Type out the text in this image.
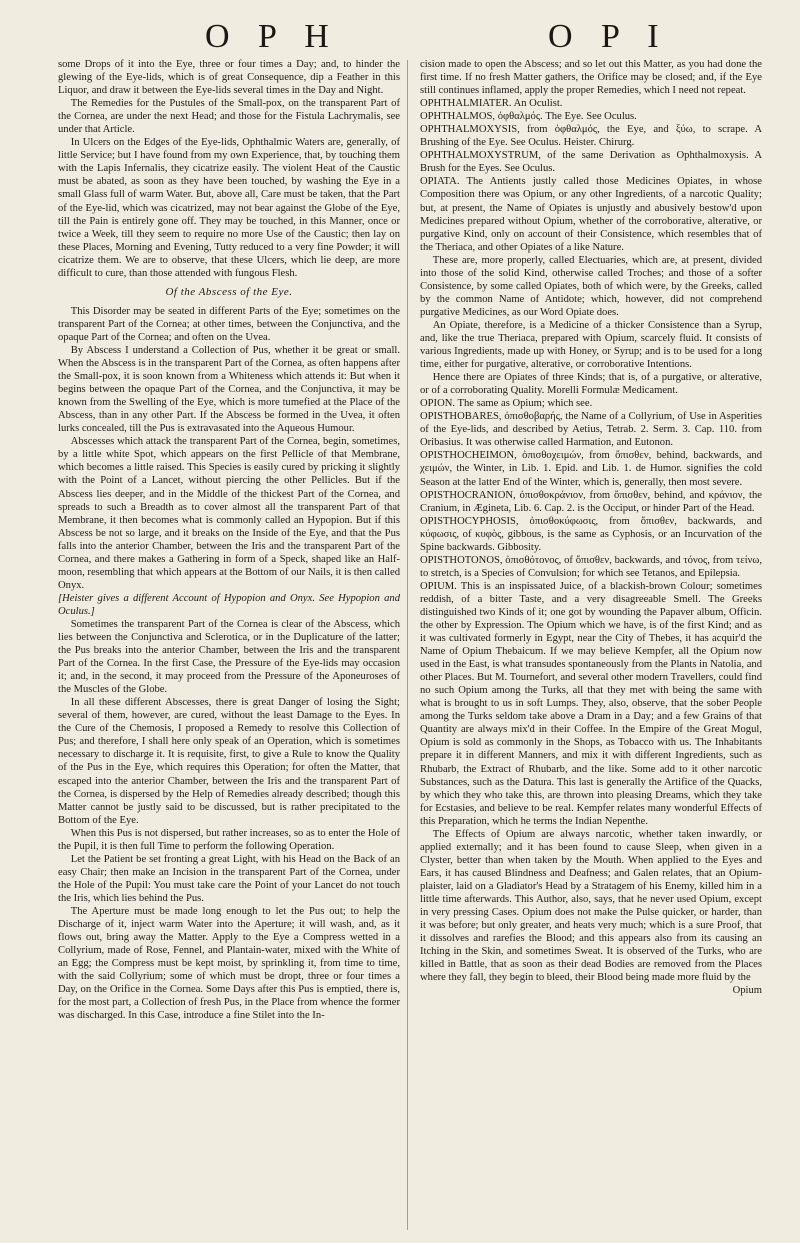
O P H	O P I

some Drops of it into the Eye, three or four times a Day; and, to hinder the glewing of the Eye-lids, which is of great Consequence, dip a Feather in this Liquor, and draw it between the Eye-lids several times in the Day and Night.

The Remedies for the Pustules of the Small-pox, on the transparent Part of the Cornea, are under the next Head; and those for the Fistula Lachrymalis, see under that Article.

In Ulcers on the Edges of the Eye-lids, Ophthalmic Waters are, generally, of little Service; but I have found from my own Experience, that, by touching them with the Lapis Infernalis, they cicatrize easily. The violent Heat of the Caustic must be abated, as soon as they have been touched, by washing the Eye in a small Glass full of warm Water. But, above all, Care must be taken, that the Part of the Eye-lid, which was cicatrized, may not bear against the Globe of the Eye, till the Pain is entirely gone off. They may be touched, in this Manner, once or twice a Week, till they seem to require no more Use of the Caustic; then lay on these Places, Morning and Evening, Tutty reduced to a very fine Powder; it will cicatrize them. We are to observe, that these Ulcers, which lie deep, are more difficult to cure, than those attended with fungous Flesh.

Of the Abscess of the Eye.

This Disorder may be seated in different Parts of the Eye; sometimes on the transparent Part of the Cornea; at other times, between the Conjunctiva, and the opaque Part of the Cornea; and often on the Uvea.

By Abscess I understand a Collection of Pus, whether it be great or small. When the Abscess is in the transparent Part of the Cornea, as often happens after the Small-pox, it is soon known from a Whiteness which attends it: But when it begins between the opaque Part of the Cornea, and the Conjunctiva, it may be known from the Swelling of the Eye, which is more tumefied at the Place of the Abscess, than in any other Part. If the Abscess be formed in the Uvea, it often lurks concealed, till the Pus is extravasated into the Aqueous Humour.

Abscesses which attack the transparent Part of the Cornea, begin, sometimes, by a little white Spot, which appears on the first Pellicle of that Membrane, which becomes a little raised. This Species is easily cured by pricking it slightly with the Point of a Lancet, without piercing the other Pellicles. But if the Abscess lies deeper, and in the Middle of the thickest Part of the Cornea, and spreads to such a Breadth as to cover almost all the transparent Part of that Membrane, it then becomes what is commonly called an Hypopion. But if this Abscess be not so large, and it breaks on the Inside of the Eye, and that the Pus falls into the anterior Chamber, between the Iris and the transparent Part of the Cornea, and there makes a Gathering in form of a Speck, shaped like an Half-moon, resembling that which appears at the Bottom of our Nails, it is then called Onyx.

[Heister gives a different Account of Hypopion and Onyx. See Hypopion and Oculus.]

Sometimes the transparent Part of the Cornea is clear of the Abscess, which lies between the Conjunctiva and Sclerotica, or in the Duplicature of the latter; the Pus breaks into the anterior Chamber, between the Iris and the transparent Part of the Cornea. In the first Case, the Pressure of the Eye-lids may occasion it; and, in the second, it may proceed from the Pressure of the Aponeuroses of the Muscles of the Globe.

In all these different Abscesses, there is great Danger of losing the Sight; several of them, however, are cured, without the least Damage to the Eyes. In the Cure of the Chemosis, I proposed a Remedy to resolve this Collection of Pus; and therefore, I shall here only speak of an Operation, which is sometimes necessary to discharge it. It is requisite, first, to give a Rule to know the Quality of the Pus in the Eye, which requires this Operation; for often the Matter, that escaped into the anterior Chamber, between the Iris and the transparent Part of the Cornea, is dispersed by the Help of Remedies already described; though this Matter cannot be justly said to be discussed, but is rather precipitated to the Bottom of the Eye.

When this Pus is not dispersed, but rather increases, so as to enter the Hole of the Pupil, it is then full Time to perform the following Operation.

Let the Patient be set fronting a great Light, with his Head on the Back of an easy Chair; then make an Incision in the transparent Part of the Cornea, under the Hole of the Pupil: You must take care the Point of your Lancet do not touch the Iris, which lies behind the Pus.

The Aperture must be made long enough to let the Pus out; to help the Discharge of it, inject warm Water into the Aperture; it will wash, and, as it flows out, bring away the Matter. Apply to the Eye a Compress wetted in a Collyrium, made of Rose, Fennel, and Plantain-water, mixed with the White of an Egg; the Compress must be kept moist, by sprinkling it, from time to time, with the said Collyrium; some of which must be dropt, three or four times a Day, on the Orifice in the Cornea. Some Days after this Pus is emptied, there is, for the most part, a Collection of fresh Pus, in the Place from whence the former was discharged. In this Case, introduce a fine Stilet into the In-

cision made to open the Abscess; and so let out this Matter, as you had done the first time. If no fresh Matter gathers, the Orifice may be closed; and, if the Eye still continues inflamed, apply the proper Remedies, which I need not repeat.

OPHTHALMIATER. An Oculist.

OPHTHALMOS, ὀφθαλμός. The Eye. See Oculus.

OPHTHALMOXYSIS, from ὀφθαλμός, the Eye, and ξύω, to scrape. A Brushing of the Eye. See Oculus. Heister. Chirurg.

OPHTHALMOXYSTRUM, of the same Derivation as Ophthalmoxysis. A Brush for the Eyes. See Oculus.

OPIATA. The Antients justly called those Medicines Opiates, in whose Composition there was Opium, or any other Ingredients, of a narcotic Quality; but, at present, the Name of Opiates is unjustly and abusively bestow'd upon Medicines prepared without Opium, whether of the corroborative, alterative, or purgative Kind, only on account of their Consistence, which resembles that of the Theriaca, and other Opiates of a like Nature.

These are, more properly, called Electuaries, which are, at present, divided into those of the solid Kind, otherwise called Troches; and those of a softer Consistence, by some called Opiates, both of which were, by the Greeks, called by the common Name of Antidote; which, however, did not comprehend purgative Medicines, as our Word Opiate does.

An Opiate, therefore, is a Medicine of a thicker Consistence than a Syrup, and, like the true Theriaca, prepared with Opium, scarcely fluid. It consists of various Ingredients, made up with Honey, or Syrup; and is to be used for a long time, either for purgative, alterative, or corroborative Intentions.

Hence there are Opiates of three Kinds; that is, of a purgative, or alterative, or of a corroborating Quality. Morelli Formulæ Medicament.

OPION. The same as Opium; which see.

OPISTHOBARES, ὀπισθοβαρής, the Name of a Collyrium, of Use in Asperities of the Eye-lids, and described by Aetius, Tetrab. 2. Serm. 3. Cap. 110. from Oribasius. It was otherwise called Harmation, and Eutonon.

OPISTHOCHEIMON, ὀπισθοχειμών, from ὄπισθεν, behind, backwards, and χειμών, the Winter, in Lib. 1. Epid. and Lib. 1. de Humor. signifies the cold Season at the latter End of the Winter, which is, generally, then most severe.

OPISTHOCRANION, ὀπισθοκράνιον, from ὄπισθεν, behind, and κράνιον, the Cranium, in Ægineta, Lib. 6. Cap. 2. is the Occiput, or hinder Part of the Head.

OPISTHOCYPHOSIS, ὀπισθοκύφωσις, from ὄπισθεν, backwards, and κύφωσις, of κυφὸς, gibbous, is the same as Cyphosis, or an Incurvation of the Spine backwards. Gibbosity.

OPISTHOTONOS, ὀπισθότονος, of ὄπισθεν, backwards, and τόνος, from τείνω, to stretch, is a Species of Convulsion; for which see Tetanos, and Epilepsia.

OPIUM. This is an inspissated Juice, of a blackish-brown Colour; sometimes reddish, of a bitter Taste, and a very disagreeable Smell. The Greeks distinguished two Kinds of it; one got by wounding the Papaver album, Officin. the other by Expression. The Opium which we have, is of the first Kind; and as it was cultivated formerly in Egypt, near the City of Thebes, it has acquir'd the Name of Opium Thebaicum. If we may believe Kempfer, all the Opium now used in the East, is what transudes spontaneously from the Plants in Natolia, and other Places. But M. Tournefort, and several other modern Travellers, could find no such Opium among the Turks, all that they met with being the same with what is brought to us in soft Lumps. They, also, observe, that the sober People among the Turks seldom take above a Dram in a Day; and a few Grains of that Quantity are always mix'd in their Coffee. In the Empire of the Great Mogul, Opium is sold as commonly in the Shops, as Tobacco with us. The Inhabitants prepare it in different Manners, and mix it with different Ingredients, such as Rhubarb, the Extract of Rhubarb, and the like. Some add to it other narcotic Substances, such as the Datura. This last is generally the Artifice of the Quacks, by which they who take this, are thrown into pleasing Dreams, which they take for Ecstasies, and believe to be real. Kempfer relates many wonderful Effects of this Preparation, which he terms the Indian Nepenthe.

The Effects of Opium are always narcotic, whether taken inwardly, or applied externally; and it has been found to cause Sleep, when given in a Clyster, better than when taken by the Mouth. When applied to the Eyes and Ears, it has caused Blindness and Deafness; and Galen relates, that an Opium-plaister, laid on a Gladiator's Head by a Stratagem of his Enemy, killed him in a little time afterwards. This Author, also, says, that he never used Opium, except in very pressing Cases. Opium does not make the Pulse quicker, or harder, than it was before; but only greater, and heats very much; which is a sure Proof, that it dissolves and rarefies the Blood; and this appears also from its causing an Itching in the Skin, and sometimes Sweat. It is observed of the Turks, who are killed in Battle, that as soon as their dead Bodies are removed from the Places where they fall, they begin to bleed, their Blood being made more fluid by the

Opium
